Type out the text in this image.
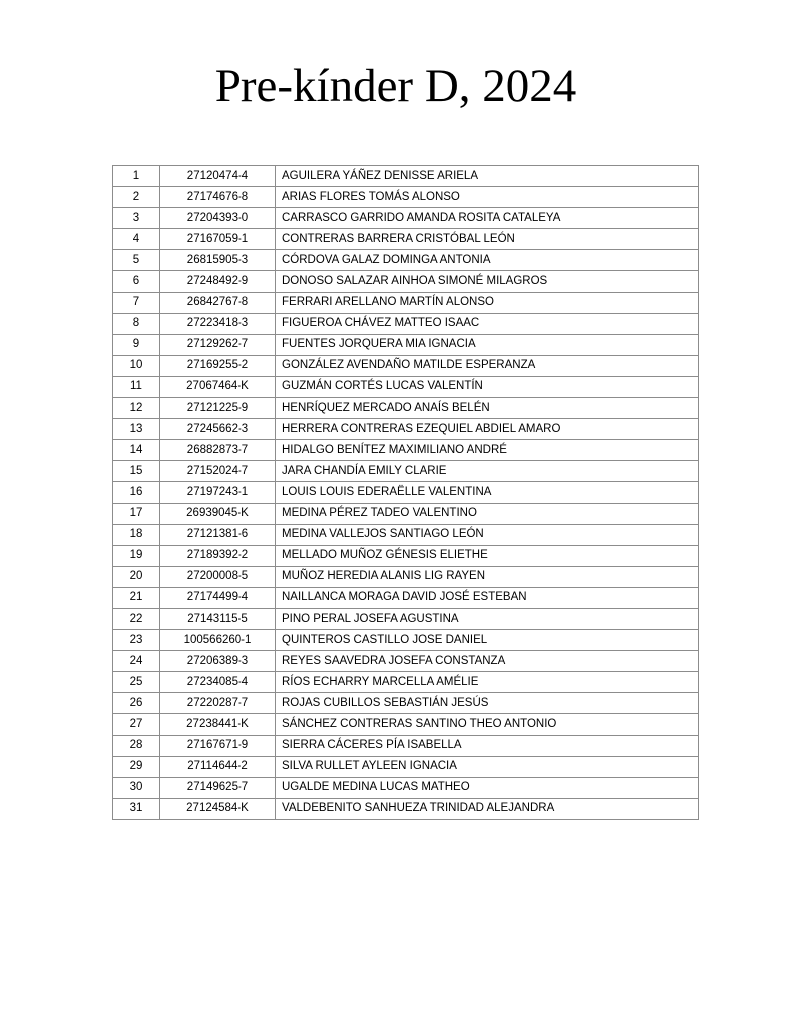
Pre-kínder D, 2024
1	27120474-4	AGUILERA YÁÑEZ DENISSE ARIELA
2	27174676-8	ARIAS FLORES TOMÁS ALONSO
3	27204393-0	CARRASCO GARRIDO AMANDA ROSITA CATALEYA
4	27167059-1	CONTRERAS BARRERA CRISTÓBAL LEÓN
5	26815905-3	CÓRDOVA GALAZ DOMINGA ANTONIA
6	27248492-9	DONOSO SALAZAR AINHOA SIMONÉ MILAGROS
7	26842767-8	FERRARI ARELLANO MARTÍN ALONSO
8	27223418-3	FIGUEROA CHÁVEZ MATTEO ISAAC
9	27129262-7	FUENTES JORQUERA MIA IGNACIA
10	27169255-2	GONZÁLEZ AVENDAÑO MATILDE ESPERANZA
11	27067464-K	GUZMÁN CORTÉS LUCAS VALENTÍN
12	27121225-9	HENRÍQUEZ MERCADO ANAÍS BELÉN
13	27245662-3	HERRERA CONTRERAS EZEQUIEL ABDIEL AMARO
14	26882873-7	HIDALGO BENÍTEZ MAXIMILIANO ANDRÉ
15	27152024-7	JARA CHANDÍA EMILY CLARIE
16	27197243-1	LOUIS LOUIS EDERAËLLE VALENTINA
17	26939045-K	MEDINA PÉREZ TADEO VALENTINO
18	27121381-6	MEDINA VALLEJOS SANTIAGO LEÓN
19	27189392-2	MELLADO MUÑOZ GÉNESIS ELIETHE
20	27200008-5	MUÑOZ HEREDIA ALANIS LIG RAYEN
21	27174499-4	NAILLANCA MORAGA DAVID JOSÉ ESTEBAN
22	27143115-5	PINO PERAL JOSEFA AGUSTINA
23	100566260-1	QUINTEROS CASTILLO JOSE DANIEL
24	27206389-3	REYES SAAVEDRA JOSEFA CONSTANZA
25	27234085-4	RÍOS ECHARRY MARCELLA AMÉLIE
26	27220287-7	ROJAS CUBILLOS SEBASTIÁN JESÚS
27	27238441-K	SÁNCHEZ CONTRERAS SANTINO THEO ANTONIO
28	27167671-9	SIERRA CÁCERES PÍA ISABELLA
29	27114644-2	SILVA RULLET AYLEEN IGNACIA
30	27149625-7	UGALDE MEDINA LUCAS MATHEO
31	27124584-K	VALDEBENITO SANHUEZA TRINIDAD ALEJANDRA
